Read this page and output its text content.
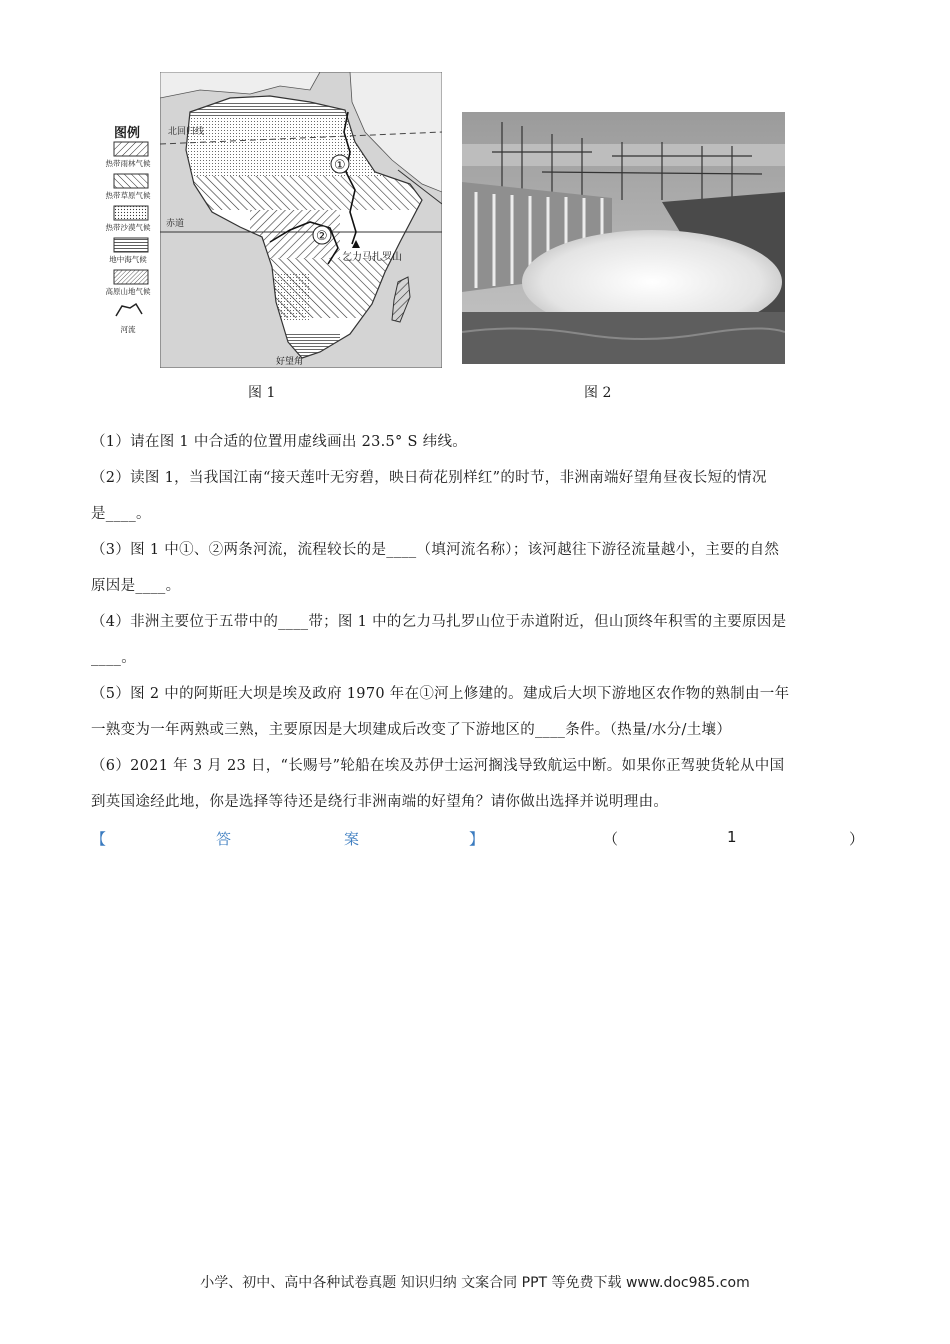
图例
热带雨林气候
热带草原气候
热带沙漠气候
地中海气候
高原山地气候
河流
北回归线
赤道
①
②
乞力马扎罗山
好望角
图 1	图 2
（1）请在图 1 中合适的位置用虚线画出 23.5° S 纬线。
（2）读图 1，当我国江南“接天莲叶无穷碧，映日荷花别样红”的时节，非洲南端好望角昼夜长短的情况
是____。
（3）图 1 中①、②两条河流，流程较长的是____（填河流名称）；该河越往下游径流量越小，主要的自然
原因是____。
（4）非洲主要位于五带中的____带；图 1 中的乞力马扎罗山位于赤道附近，但山顶终年积雪的主要原因是
____。
（5）图 2 中的阿斯旺大坝是埃及政府 1970 年在①河上修建的。建成后大坝下游地区农作物的熟制由一年
一熟变为一年两熟或三熟，主要原因是大坝建成后改变了下游地区的____条件。（热量/水分/土壤）
（6）2021 年 3 月 23 日，“长赐号”轮船在埃及苏伊士运河搁浅导致航运中断。如果你正驾驶货轮从中国
到英国途经此地，你是选择等待还是绕行非洲南端的好望角？请你做出选择并说明理由。
【	答	案	】	（	1	）
小学、初中、高中各种试卷真题 知识归纳 文案合同 PPT 等免费下载 www.doc985.com
